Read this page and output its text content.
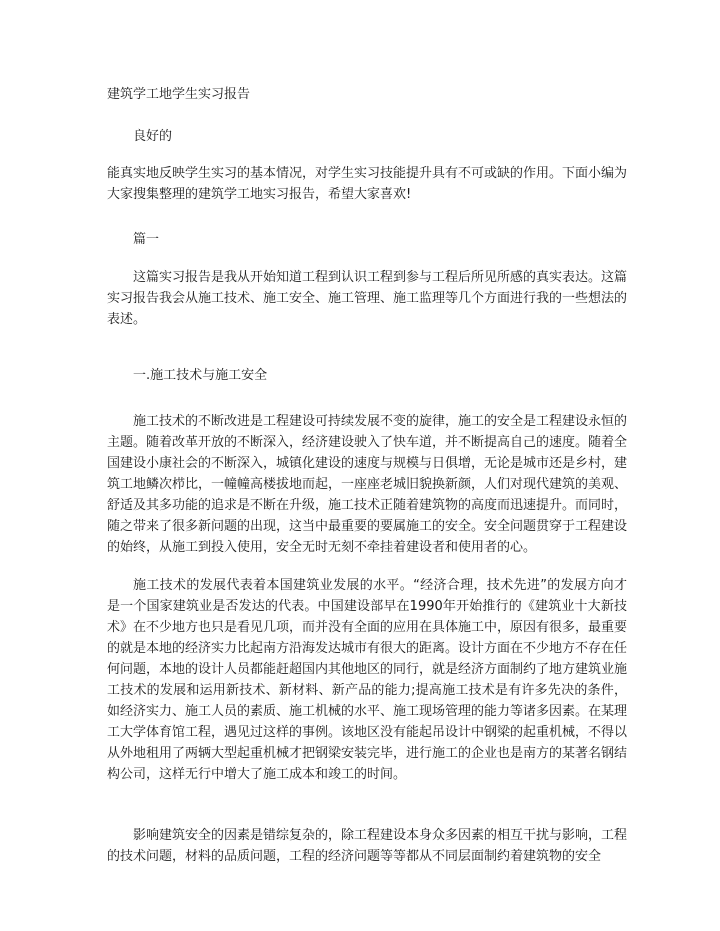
建筑学工地学生实习报告
良好的
能真实地反映学生实习的基本情况，对学生实习技能提升具有不可或缺的作用。下面小编为大家搜集整理的建筑学工地实习报告，希望大家喜欢!
篇一
这篇实习报告是我从开始知道工程到认识工程到参与工程后所见所感的真实表达。这篇实习报告我会从施工技术、施工安全、施工管理、施工监理等几个方面进行我的一些想法的表述。
一.施工技术与施工安全
施工技术的不断改进是工程建设可持续发展不变的旋律，施工的安全是工程建设永恒的主题。随着改革开放的不断深入，经济建设驶入了快车道，并不断提高自己的速度。随着全国建设小康社会的不断深入，城镇化建设的速度与规模与日俱增，无论是城市还是乡村，建筑工地鳞次栉比，一幢幢高楼拔地而起，一座座老城旧貌换新颜，人们对现代建筑的美观、舒适及其多功能的追求是不断在升级，施工技术正随着建筑物的高度而迅速提升。而同时，随之带来了很多新问题的出现，这当中最重要的要属施工的安全。安全问题贯穿于工程建设的始终，从施工到投入使用，安全无时无刻不牵挂着建设者和使用者的心。
施工技术的发展代表着本国建筑业发展的水平。“经济合理，技术先进”的发展方向才是一个国家建筑业是否发达的代表。中国建设部早在1990年开始推行的《建筑业十大新技术》在不少地方也只是看见几项，而并没有全面的应用在具体施工中，原因有很多，最重要的就是本地的经济实力比起南方沿海发达城市有很大的距离。设计方面在不少地方不存在任何问题，本地的设计人员都能赶超国内其他地区的同行，就是经济方面制约了地方建筑业施工技术的发展和运用新技术、新材料、新产品的能力;提高施工技术是有许多先决的条件，如经济实力、施工人员的素质、施工机械的水平、施工现场管理的能力等诸多因素。在某理工大学体育馆工程，遇见过这样的事例。该地区没有能起吊设计中钢梁的起重机械，不得以从外地租用了两辆大型起重机械才把钢梁安装完毕，进行施工的企业也是南方的某著名钢结构公司，这样无行中增大了施工成本和竣工的时间。
影响建筑安全的因素是错综复杂的，除工程建设本身众多因素的相互干扰与影响，工程的技术问题，材料的品质问题，工程的经济问题等等都从不同层面制约着建筑物的安全
